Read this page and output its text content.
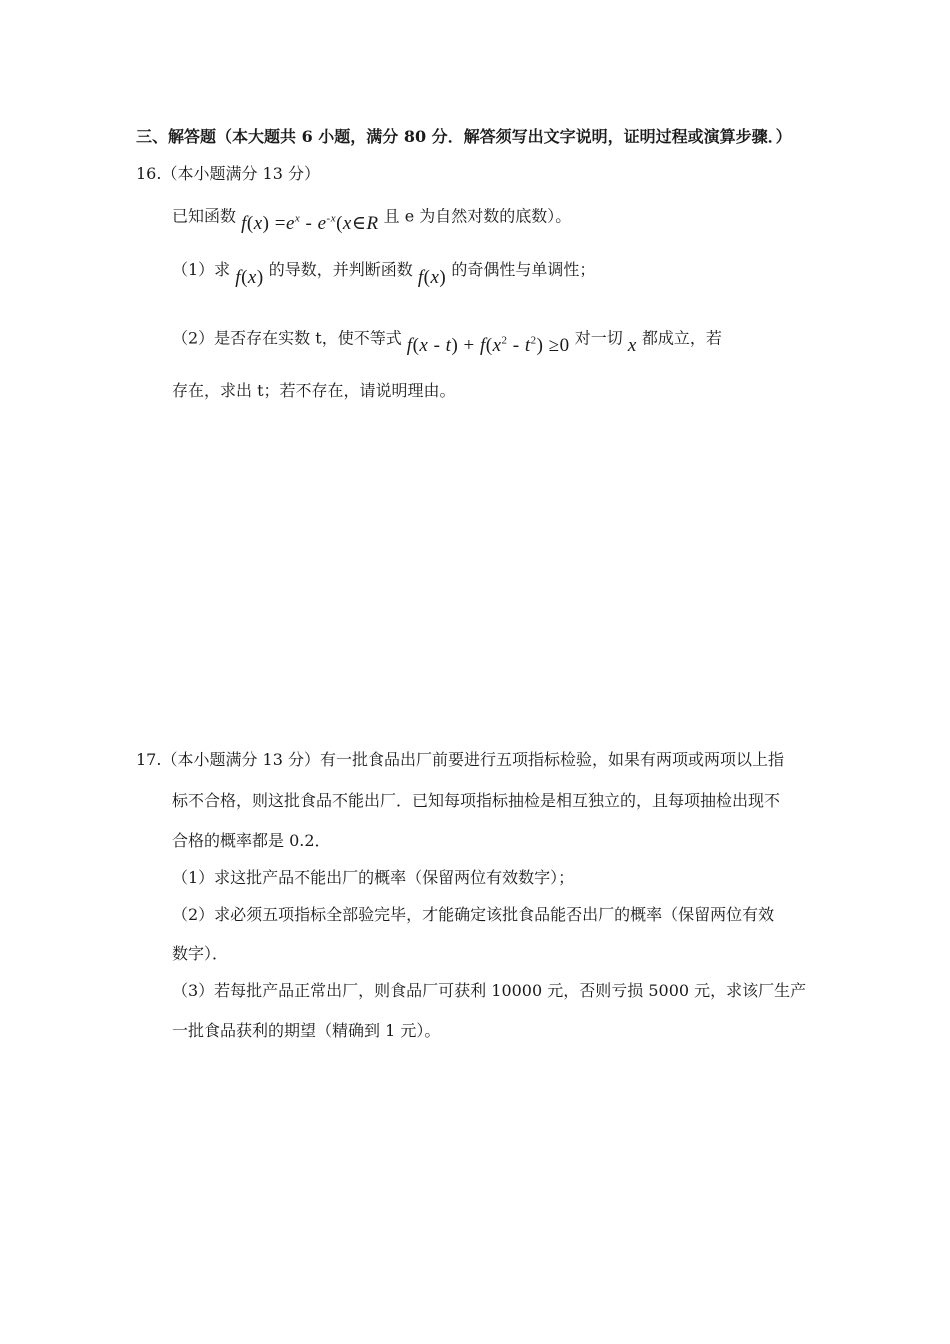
三、解答题（本大题共 6 小题，满分 80 分．解答须写出文字说明，证明过程或演算步骤．）
16.（本小题满分 13 分）
已知函数 $f(x) =e^x$ - $e^{-x}(x\in R$ 且 e 为自然对数的底数）。
（1）求 f(x) 的导数，并判断函数 f(x) 的奇偶性与单调性；
（2）是否存在实数 t，使不等式 $f(x - t) + f(x^2 - t^2) \ge 0$ 对一切 x 都成立，若
存在，求出 t；若不存在，请说明理由。
17.（本小题满分 13 分）有一批食品出厂前要进行五项指标检验，如果有两项或两项以上指
标不合格，则这批食品不能出厂．已知每项指标抽检是相互独立的，且每项抽检出现不
合格的概率都是 0.2．
（1）求这批产品不能出厂的概率（保留两位有效数字）；
（2）求必须五项指标全部验完毕，才能确定该批食品能否出厂的概率（保留两位有效
数字）．
（3）若每批产品正常出厂，则食品厂可获利 10000 元，否则亏损 5000 元，求该厂生产
一批食品获利的期望（精确到 1 元）。
